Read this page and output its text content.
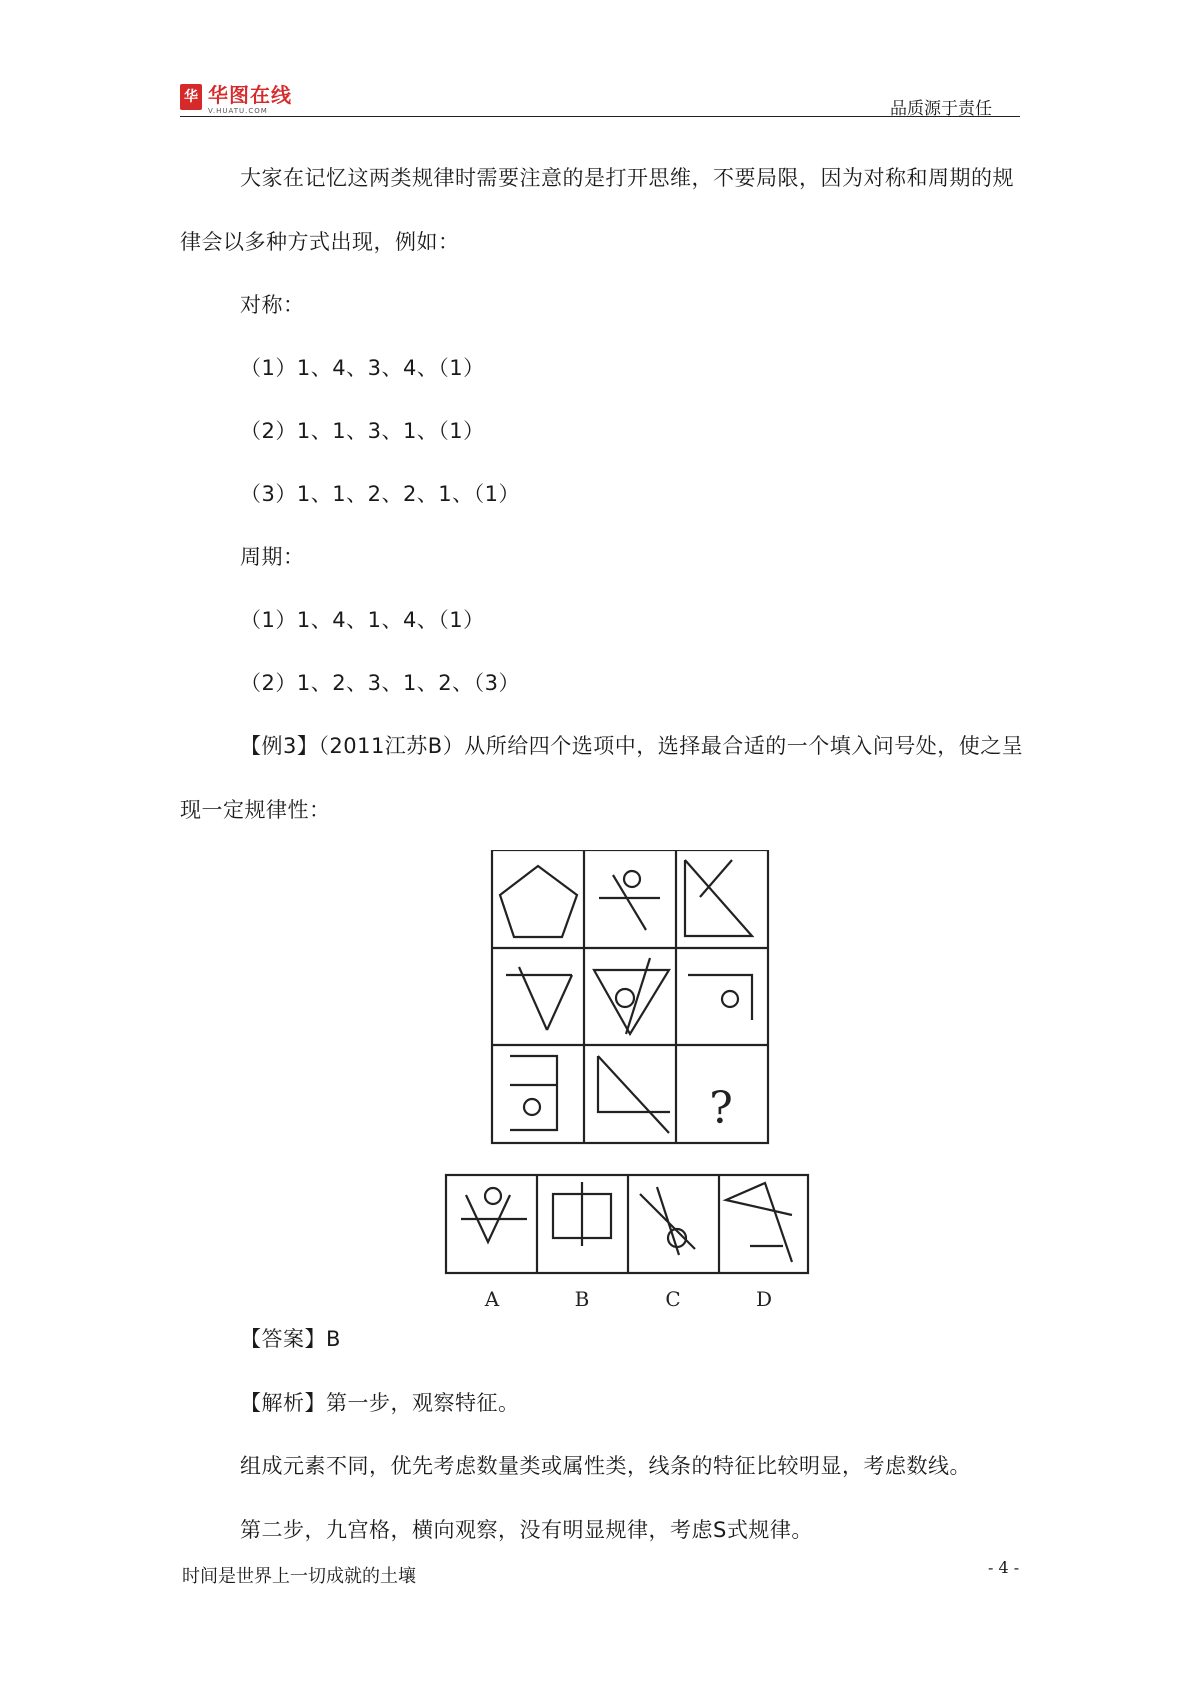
华 华图在线
V.HUATU.COM	品质源于责任
大家在记忆这两类规律时需要注意的是打开思维，不要局限，因为对称和周期的规
律会以多种方式出现，例如：
对称：
（1）1、4、3、4、（1）
（2）1、1、3、1、（1）
（3）1、1、2、2、1、（1）
周期：
（1）1、4、1、4、（1）
（2）1、2、3、1、2、（3）
【例3】（2011江苏B）从所给四个选项中，选择最合适的一个填入问号处，使之呈
现一定规律性：
?
A	B	C	D
【答案】B
【解析】第一步，观察特征。
组成元素不同，优先考虑数量类或属性类，线条的特征比较明显，考虑数线。
第二步，九宫格，横向观察，没有明显规律，考虑S式规律。
时间是世界上一切成就的土壤	- 4 -
